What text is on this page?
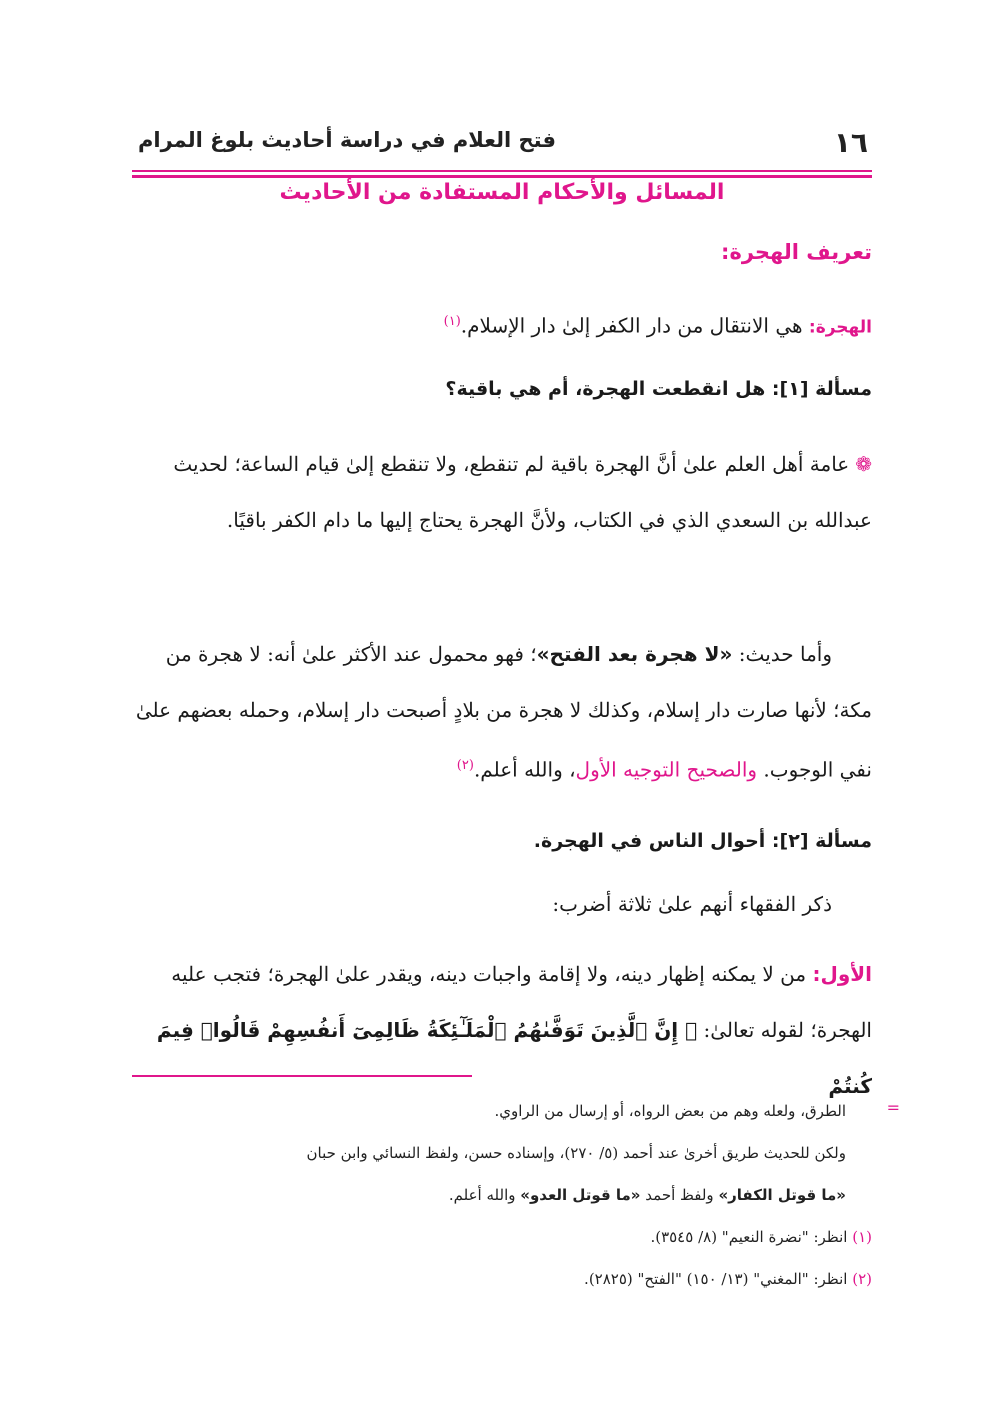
١٦
فتح العلام في دراسة أحاديث بلوغ المرام
المسائل والأحكام المستفادة من الأحاديث
تعريف الهجرة:
الهجرة: هي الانتقال من دار الكفر إلىٰ دار الإسلام.$^{(١)}$
مسألة [١]: هل انقطعت الهجرة، أم هي باقية؟
❁عامة أهل العلم علىٰ أنَّ الهجرة باقية لم تنقطع، ولا تنقطع إلىٰ قيام الساعة؛ لحديث عبدالله بن السعدي الذي في الكتاب، ولأنَّ الهجرة يحتاج إليها ما دام الكفر باقيًا.
وأما حديث: «لا هجرة بعد الفتح»؛ فهو محمول عند الأكثر علىٰ أنه: لا هجرة من مكة؛ لأنها صارت دار إسلام، وكذلك لا هجرة من بلادٍ أصبحت دار إسلام، وحمله بعضهم علىٰ نفي الوجوب. والصحيح التوجيه الأول، والله أعلم.$^{(٢)}$
مسألة [٢]: أحوال الناس في الهجرة.
ذكر الفقهاء أنهم علىٰ ثلاثة أضرب:
الأول: من لا يمكنه إظهار دينه، ولا إقامة واجبات دينه، ويقدر علىٰ الهجرة؛ فتجب عليه الهجرة؛ لقوله تعالىٰ: ﴿ إِنَّ ٱلَّذِينَ تَوَفَّىٰهُمُ ٱلْمَلَـٰٓئِكَةُ ظَالِمِىٓ أَنفُسِهِمْ قَالُوا۟ فِيمَ كُنتُمْ
=
الطرق، ولعله وهم من بعض الرواه، أو إرسال من الراوي.
ولكن للحديث طريق أخرىٰ عند أحمد (٥/ ٢٧٠)، وإسناده حسن، ولفظ النسائي وابن حبان
«ما قوتل الكفار» ولفظ أحمد «ما قوتل العدو» والله أعلم.
(١) انظر: "نضرة النعيم" (٨/ ٣٥٤٥).
(٢) انظر: "المغني" (١٣/ ١٥٠) "الفتح" (٢٨٢٥).
